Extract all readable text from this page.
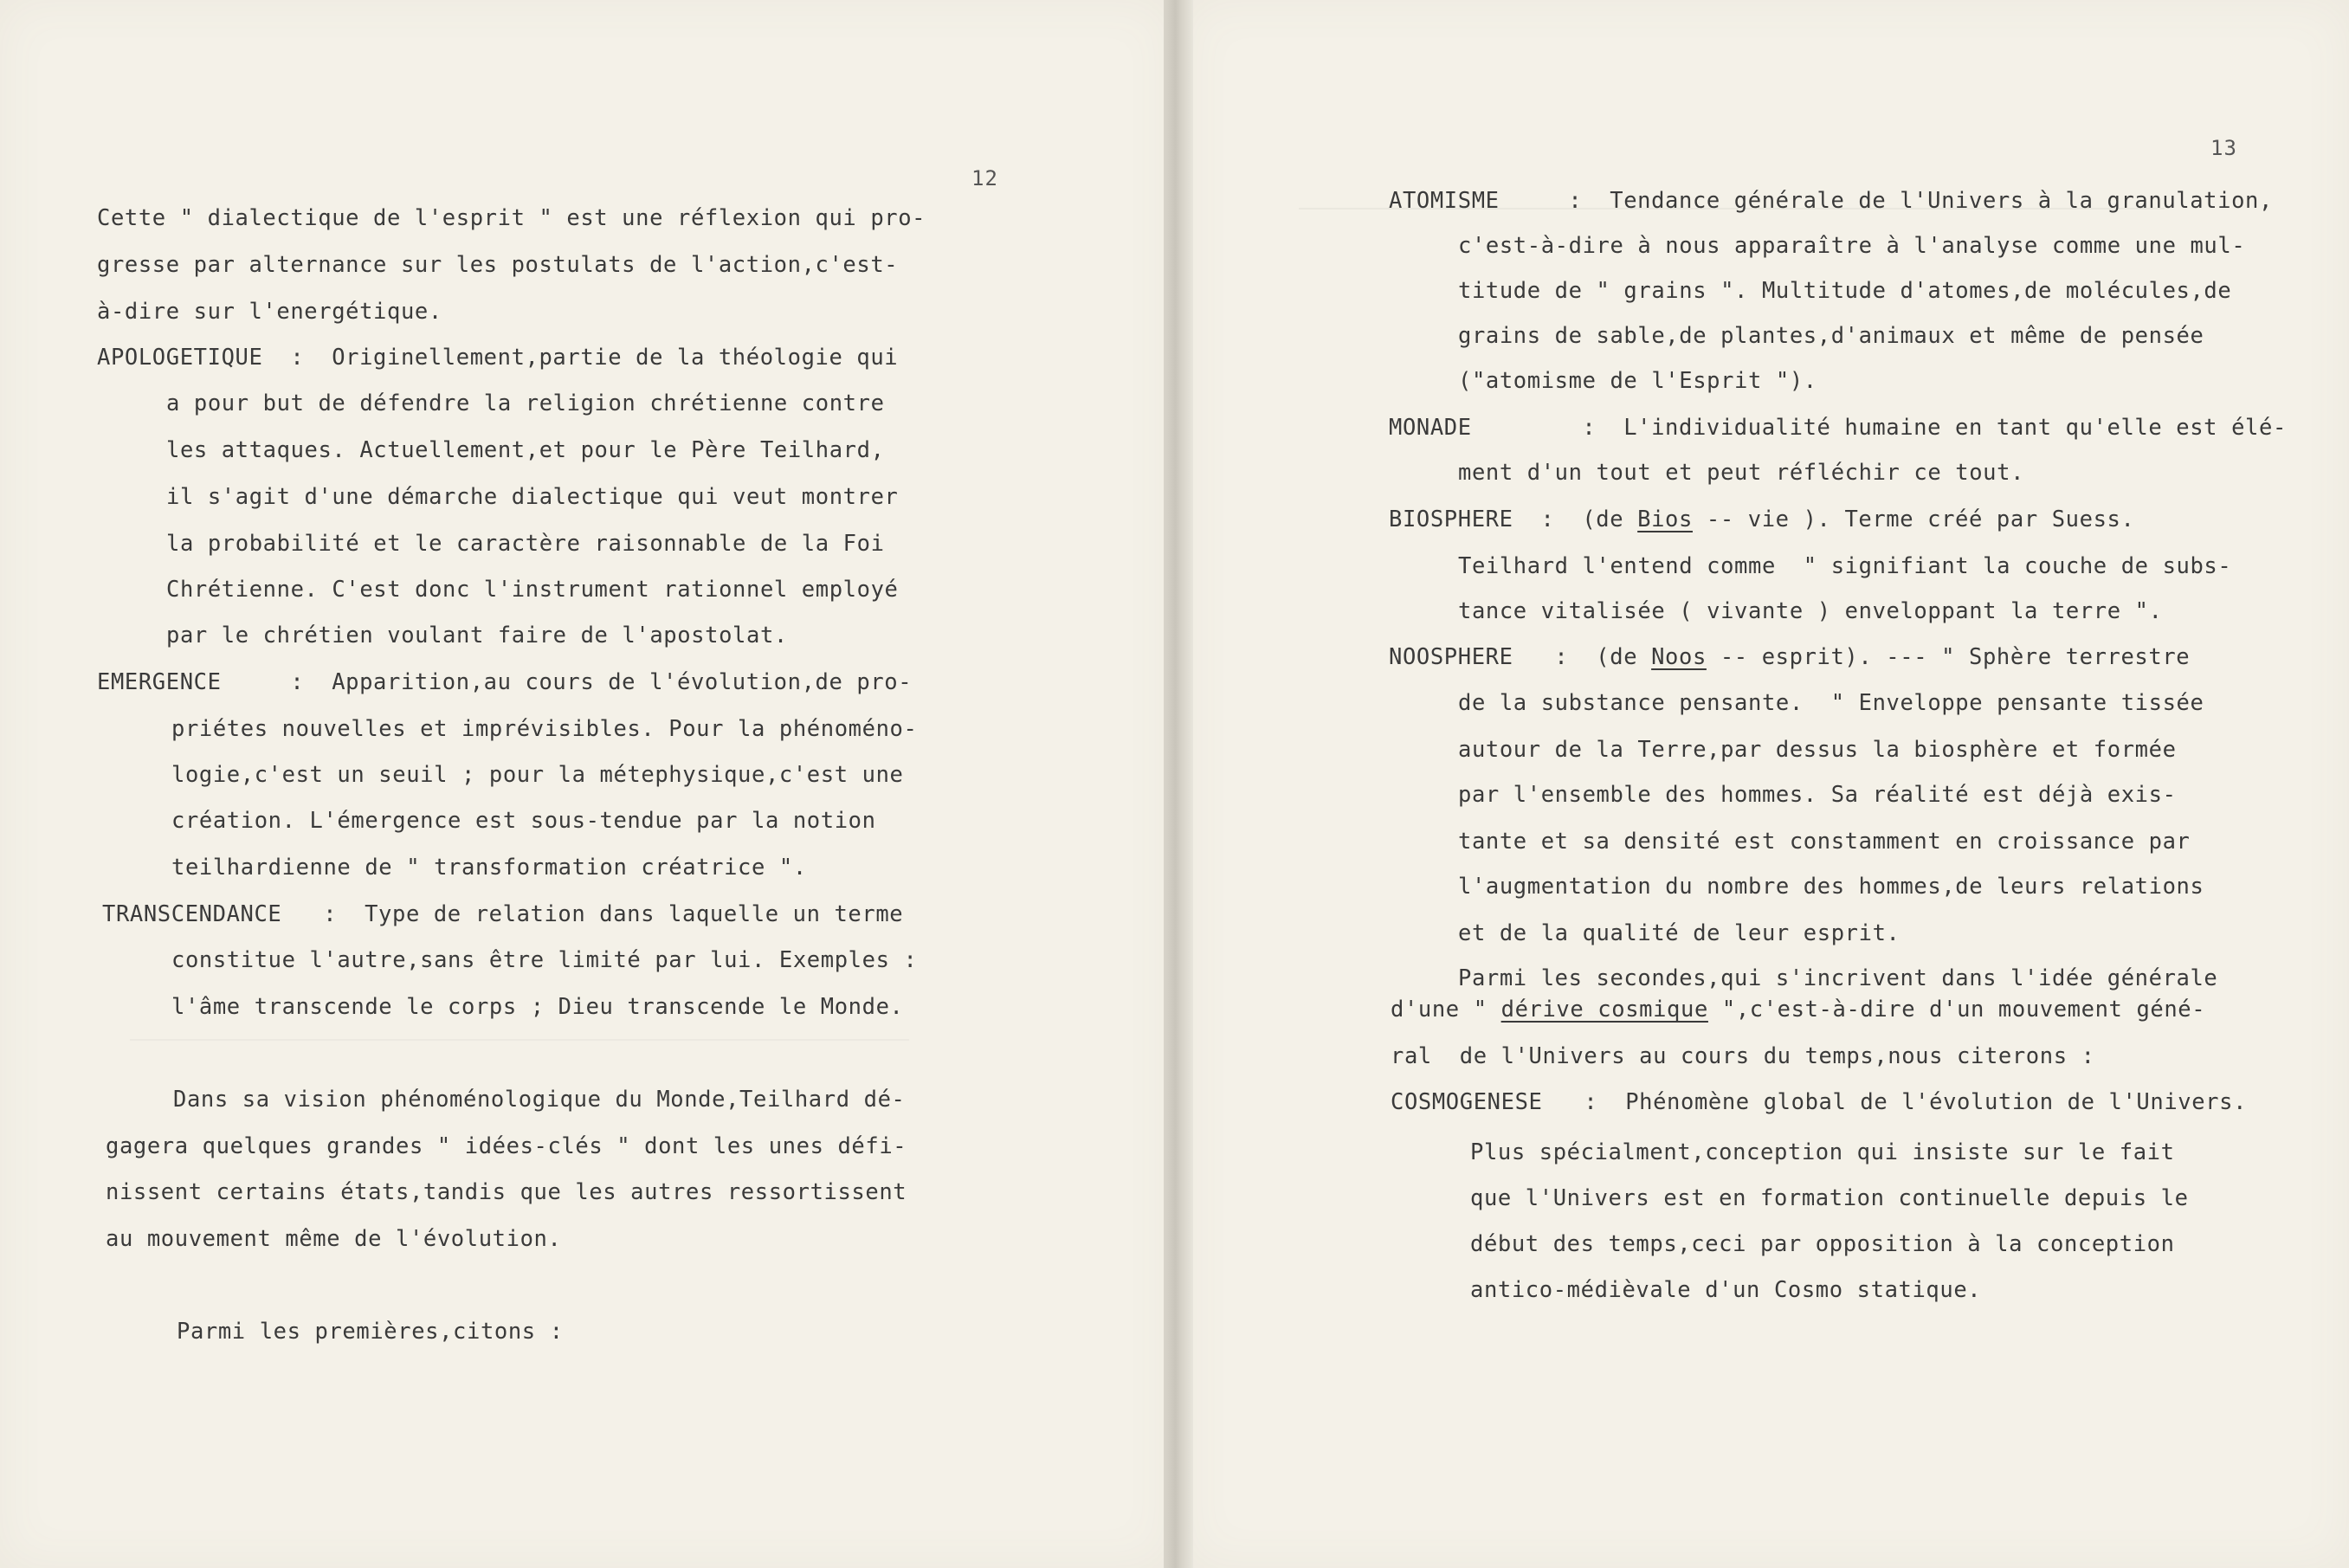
12
Cette " dialectique de l'esprit " est une réflexion qui pro-
gresse par alternance sur les postulats de l'action,c'est-
à-dire sur l'energétique.
APOLOGETIQUE  :  Originellement,partie de la théologie qui
a pour but de défendre la religion chrétienne contre
les attaques. Actuellement,et pour le Père Teilhard,
il s'agit d'une démarche dialectique qui veut montrer
la probabilité et le caractère raisonnable de la Foi
Chrétienne. C'est donc l'instrument rationnel employé
par le chrétien voulant faire de l'apostolat.
EMERGENCE     :  Apparition,au cours de l'évolution,de pro-
priétes nouvelles et imprévisibles. Pour la phénoméno-
logie,c'est un seuil ; pour la métephysique,c'est une
création. L'émergence est sous-tendue par la notion
teilhardienne de " transformation créatrice ".
TRANSCENDANCE   :  Type de relation dans laquelle un terme
constitue l'autre,sans être limité par lui. Exemples :
l'âme transcende le corps ; Dieu transcende le Monde.
Dans sa vision phénoménologique du Monde,Teilhard dé-
gagera quelques grandes " idées-clés " dont les unes défi-
nissent certains états,tandis que les autres ressortissent
au mouvement même de l'évolution.
Parmi les premières,citons :
13
ATOMISME     :  Tendance générale de l'Univers à la granulation,
c'est-à-dire à nous apparaître à l'analyse comme une mul-
titude de " grains ". Multitude d'atomes,de molécules,de
grains de sable,de plantes,d'animaux et même de pensée
("atomisme de l'Esprit ").
MONADE        :  L'individualité humaine en tant qu'elle est élé-
ment d'un tout et peut réfléchir ce tout.
BIOSPHERE  :  (de Bios -- vie ). Terme créé par Suess.
Teilhard l'entend comme  " signifiant la couche de subs-
tance vitalisée ( vivante ) enveloppant la terre ".
NOOSPHERE   :  (de Noos -- esprit). --- " Sphère terrestre
de la substance pensante.  " Enveloppe pensante tissée
autour de la Terre,par dessus la biosphère et formée
par l'ensemble des hommes. Sa réalité est déjà exis-
tante et sa densité est constamment en croissance par
l'augmentation du nombre des hommes,de leurs relations
et de la qualité de leur esprit.
Parmi les secondes,qui s'incrivent dans l'idée générale
d'une " dérive cosmique ",c'est-à-dire d'un mouvement géné-
ral  de l'Univers au cours du temps,nous citerons :
COSMOGENESE   :  Phénomène global de l'évolution de l'Univers.
Plus spécialment,conception qui insiste sur le fait
que l'Univers est en formation continuelle depuis le
début des temps,ceci par opposition à la conception
antico-médièvale d'un Cosmo statique.
